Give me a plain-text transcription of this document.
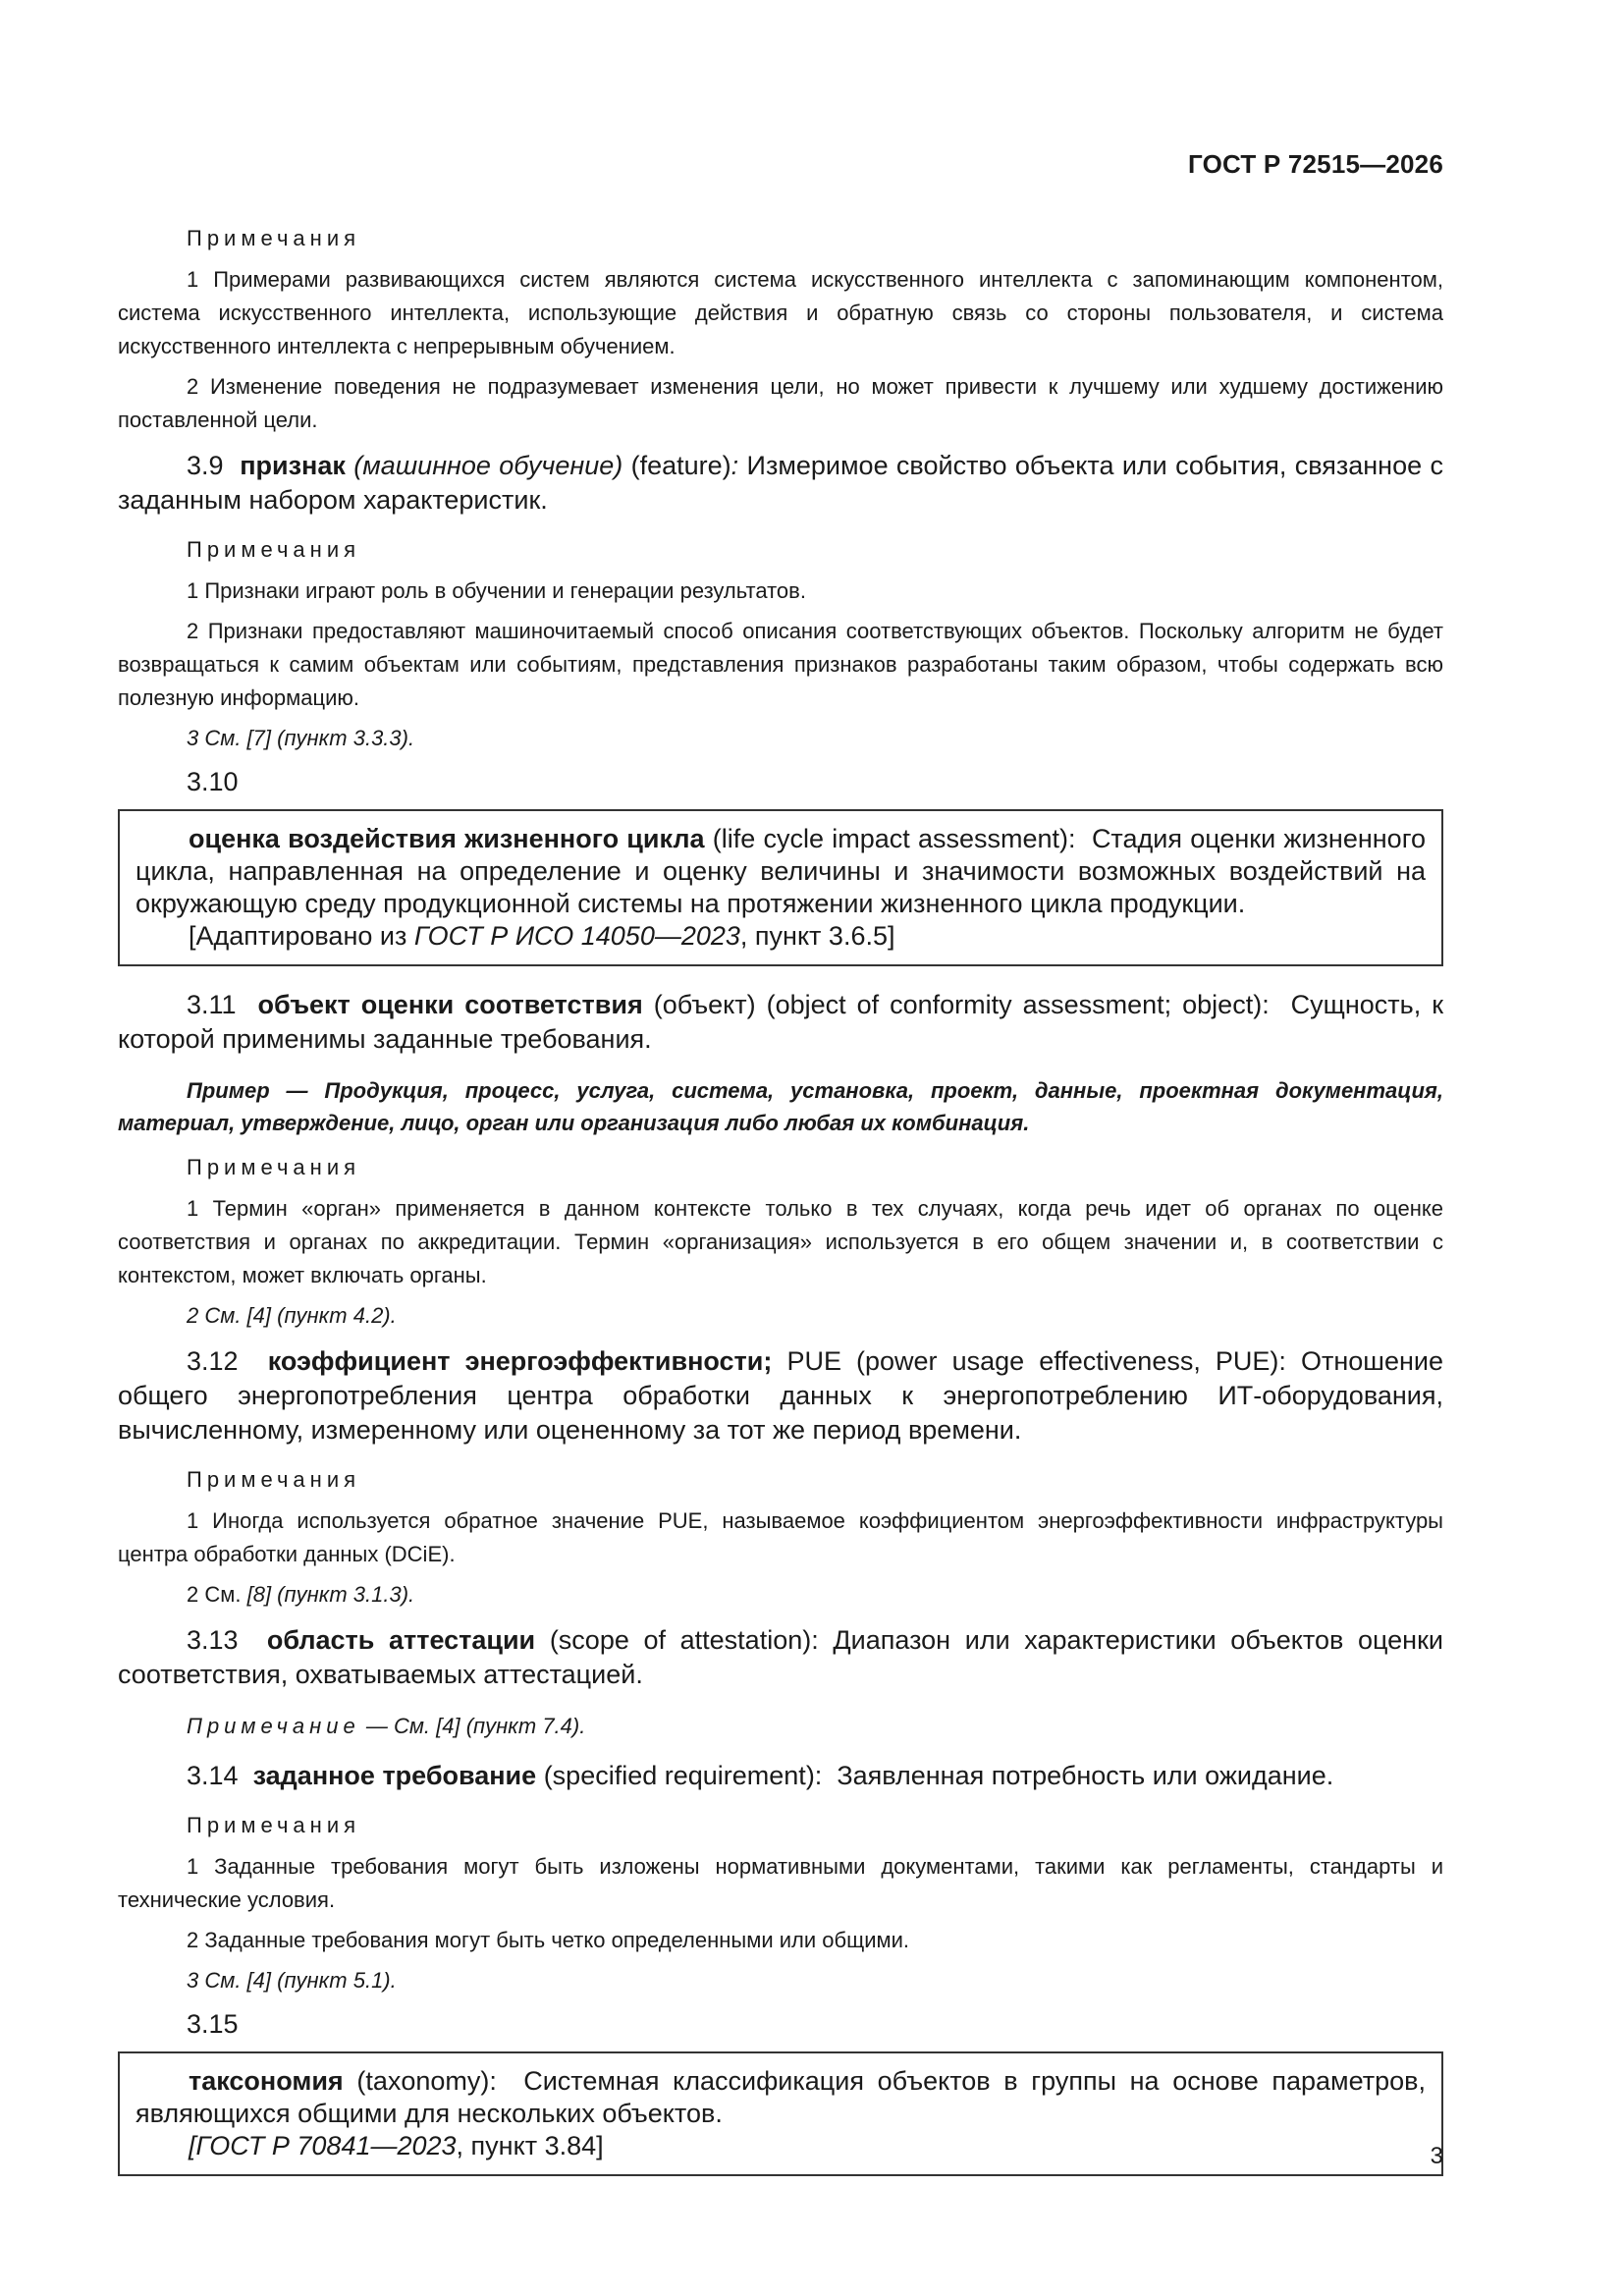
ГОСТ Р 72515—2026

Примечания

1 Примерами развивающихся систем являются система искусственного интеллекта с запоминающим компонентом, система искусственного интеллекта, использующие действия и обратную связь со стороны пользователя, и система искусственного интеллекта с непрерывным обучением.

2 Изменение поведения не подразумевает изменения цели, но может привести к лучшему или худшему достижению поставленной цели.

3.9 признак (машинное обучение) (feature): Измеримое свойство объекта или события, связанное с заданным набором характеристик.

Примечания

1 Признаки играют роль в обучении и генерации результатов.

2 Признаки предоставляют машиночитаемый способ описания соответствующих объектов. Поскольку алгоритм не будет возвращаться к самим объектам или событиям, представления признаков разработаны таким образом, чтобы содержать всю полезную информацию.

3 См. [7] (пункт 3.3.3).

3.10

оценка воздействия жизненного цикла (life cycle impact assessment): Стадия оценки жизненного цикла, направленная на определение и оценку величины и значимости возможных воздействий на окружающую среду продукционной системы на протяжении жизненного цикла продукции.

[Адаптировано из ГОСТ Р ИСО 14050—2023, пункт 3.6.5]

3.11 объект оценки соответствия (объект) (object of conformity assessment; object): Сущность, к которой применимы заданные требования.

Пример — Продукция, процесс, услуга, система, установка, проект, данные, проектная документация, материал, утверждение, лицо, орган или организация либо любая их комбинация.

Примечания

1 Термин «орган» применяется в данном контексте только в тех случаях, когда речь идет об органах по оценке соответствия и органах по аккредитации. Термин «организация» используется в его общем значении и, в соответствии с контекстом, может включать органы.

2 См. [4] (пункт 4.2).

3.12 коэффициент энергоэффективности; PUE (power usage effectiveness, PUE): Отношение общего энергопотребления центра обработки данных к энергопотреблению ИТ-оборудования, вычисленному, измеренному или оцененному за тот же период времени.

Примечания

1 Иногда используется обратное значение PUE, называемое коэффициентом энергоэффективности инфраструктуры центра обработки данных (DCiE).

2 См. [8] (пункт 3.1.3).

3.13 область аттестации (scope of attestation): Диапазон или характеристики объектов оценки соответствия, охватываемых аттестацией.

Примечание — См. [4] (пункт 7.4).

3.14 заданное требование (specified requirement): Заявленная потребность или ожидание.

Примечания

1 Заданные требования могут быть изложены нормативными документами, такими как регламенты, стандарты и технические условия.

2 Заданные требования могут быть четко определенными или общими.

3 См. [4] (пункт 5.1).

3.15

таксономия (taxonomy): Системная классификация объектов в группы на основе параметров, являющихся общими для нескольких объектов.

[ГОСТ Р 70841—2023, пункт 3.84]	3
